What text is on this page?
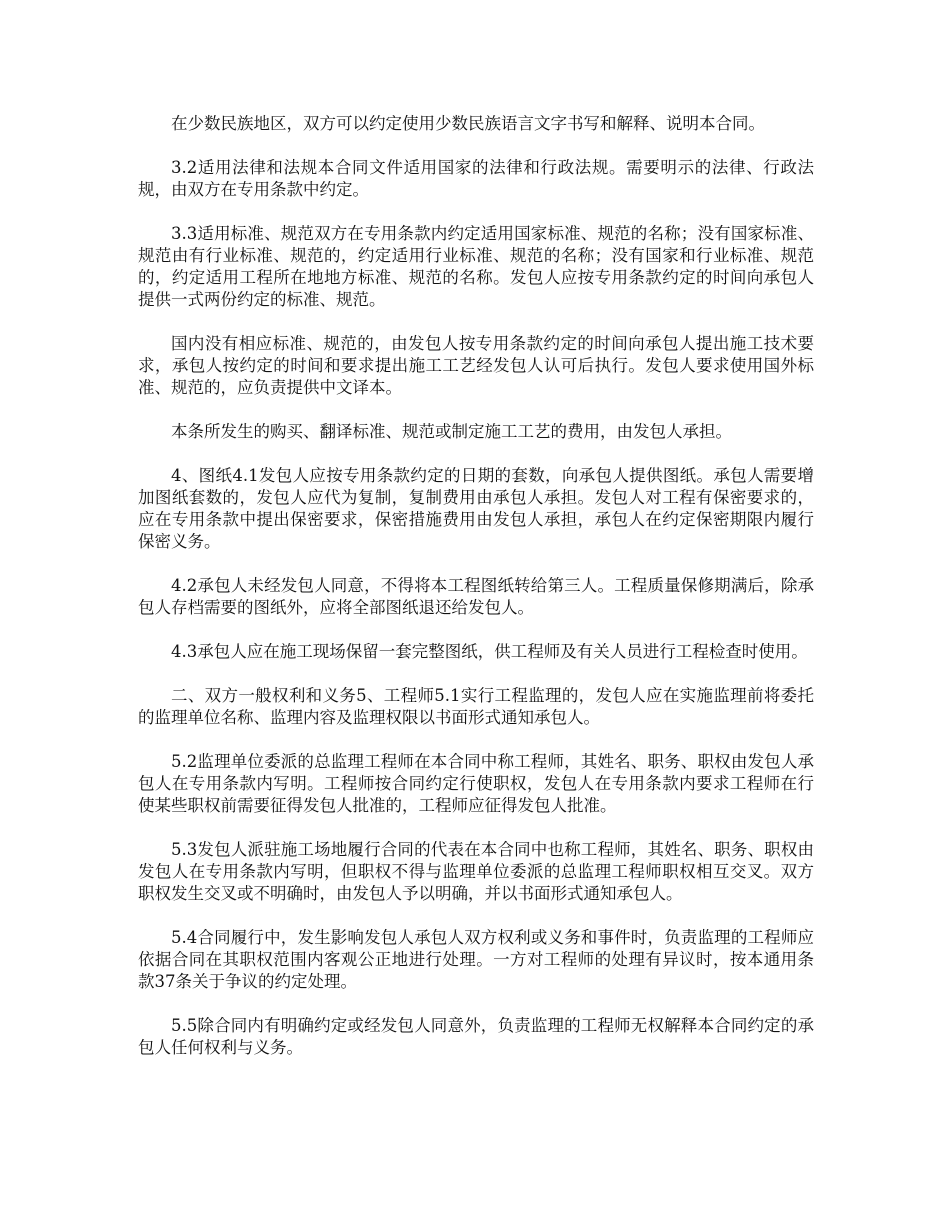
在少数民族地区，双方可以约定使用少数民族语言文字书写和解释、说明本合同。

3.2适用法律和法规本合同文件适用国家的法律和行政法规。需要明示的法律、行政法规，由双方在专用条款中约定。

3.3适用标准、规范双方在专用条款内约定适用国家标准、规范的名称；没有国家标准、规范由有行业标准、规范的，约定适用行业标准、规范的名称；没有国家和行业标准、规范的，约定适用工程所在地地方标准、规范的名称。发包人应按专用条款约定的时间向承包人提供一式两份约定的标准、规范。

国内没有相应标准、规范的，由发包人按专用条款约定的时间向承包人提出施工技术要求，承包人按约定的时间和要求提出施工工艺经发包人认可后执行。发包人要求使用国外标准、规范的，应负责提供中文译本。

本条所发生的购买、翻译标准、规范或制定施工工艺的费用，由发包人承担。

4、图纸4.1发包人应按专用条款约定的日期的套数，向承包人提供图纸。承包人需要增加图纸套数的，发包人应代为复制，复制费用由承包人承担。发包人对工程有保密要求的，应在专用条款中提出保密要求，保密措施费用由发包人承担，承包人在约定保密期限内履行保密义务。

4.2承包人未经发包人同意，不得将本工程图纸转给第三人。工程质量保修期满后，除承包人存档需要的图纸外，应将全部图纸退还给发包人。

4.3承包人应在施工现场保留一套完整图纸，供工程师及有关人员进行工程检查时使用。

二、双方一般权利和义务5、工程师5.1实行工程监理的，发包人应在实施监理前将委托的监理单位名称、监理内容及监理权限以书面形式通知承包人。

5.2监理单位委派的总监理工程师在本合同中称工程师，其姓名、职务、职权由发包人承包人在专用条款内写明。工程师按合同约定行使职权，发包人在专用条款内要求工程师在行使某些职权前需要征得发包人批准的，工程师应征得发包人批准。

5.3发包人派驻施工场地履行合同的代表在本合同中也称工程师，其姓名、职务、职权由发包人在专用条款内写明，但职权不得与监理单位委派的总监理工程师职权相互交叉。双方职权发生交叉或不明确时，由发包人予以明确，并以书面形式通知承包人。

5.4合同履行中，发生影响发包人承包人双方权利或义务和事件时，负责监理的工程师应依据合同在其职权范围内客观公正地进行处理。一方对工程师的处理有异议时，按本通用条款37条关于争议的约定处理。

5.5除合同内有明确约定或经发包人同意外，负责监理的工程师无权解释本合同约定的承包人任何权利与义务。
